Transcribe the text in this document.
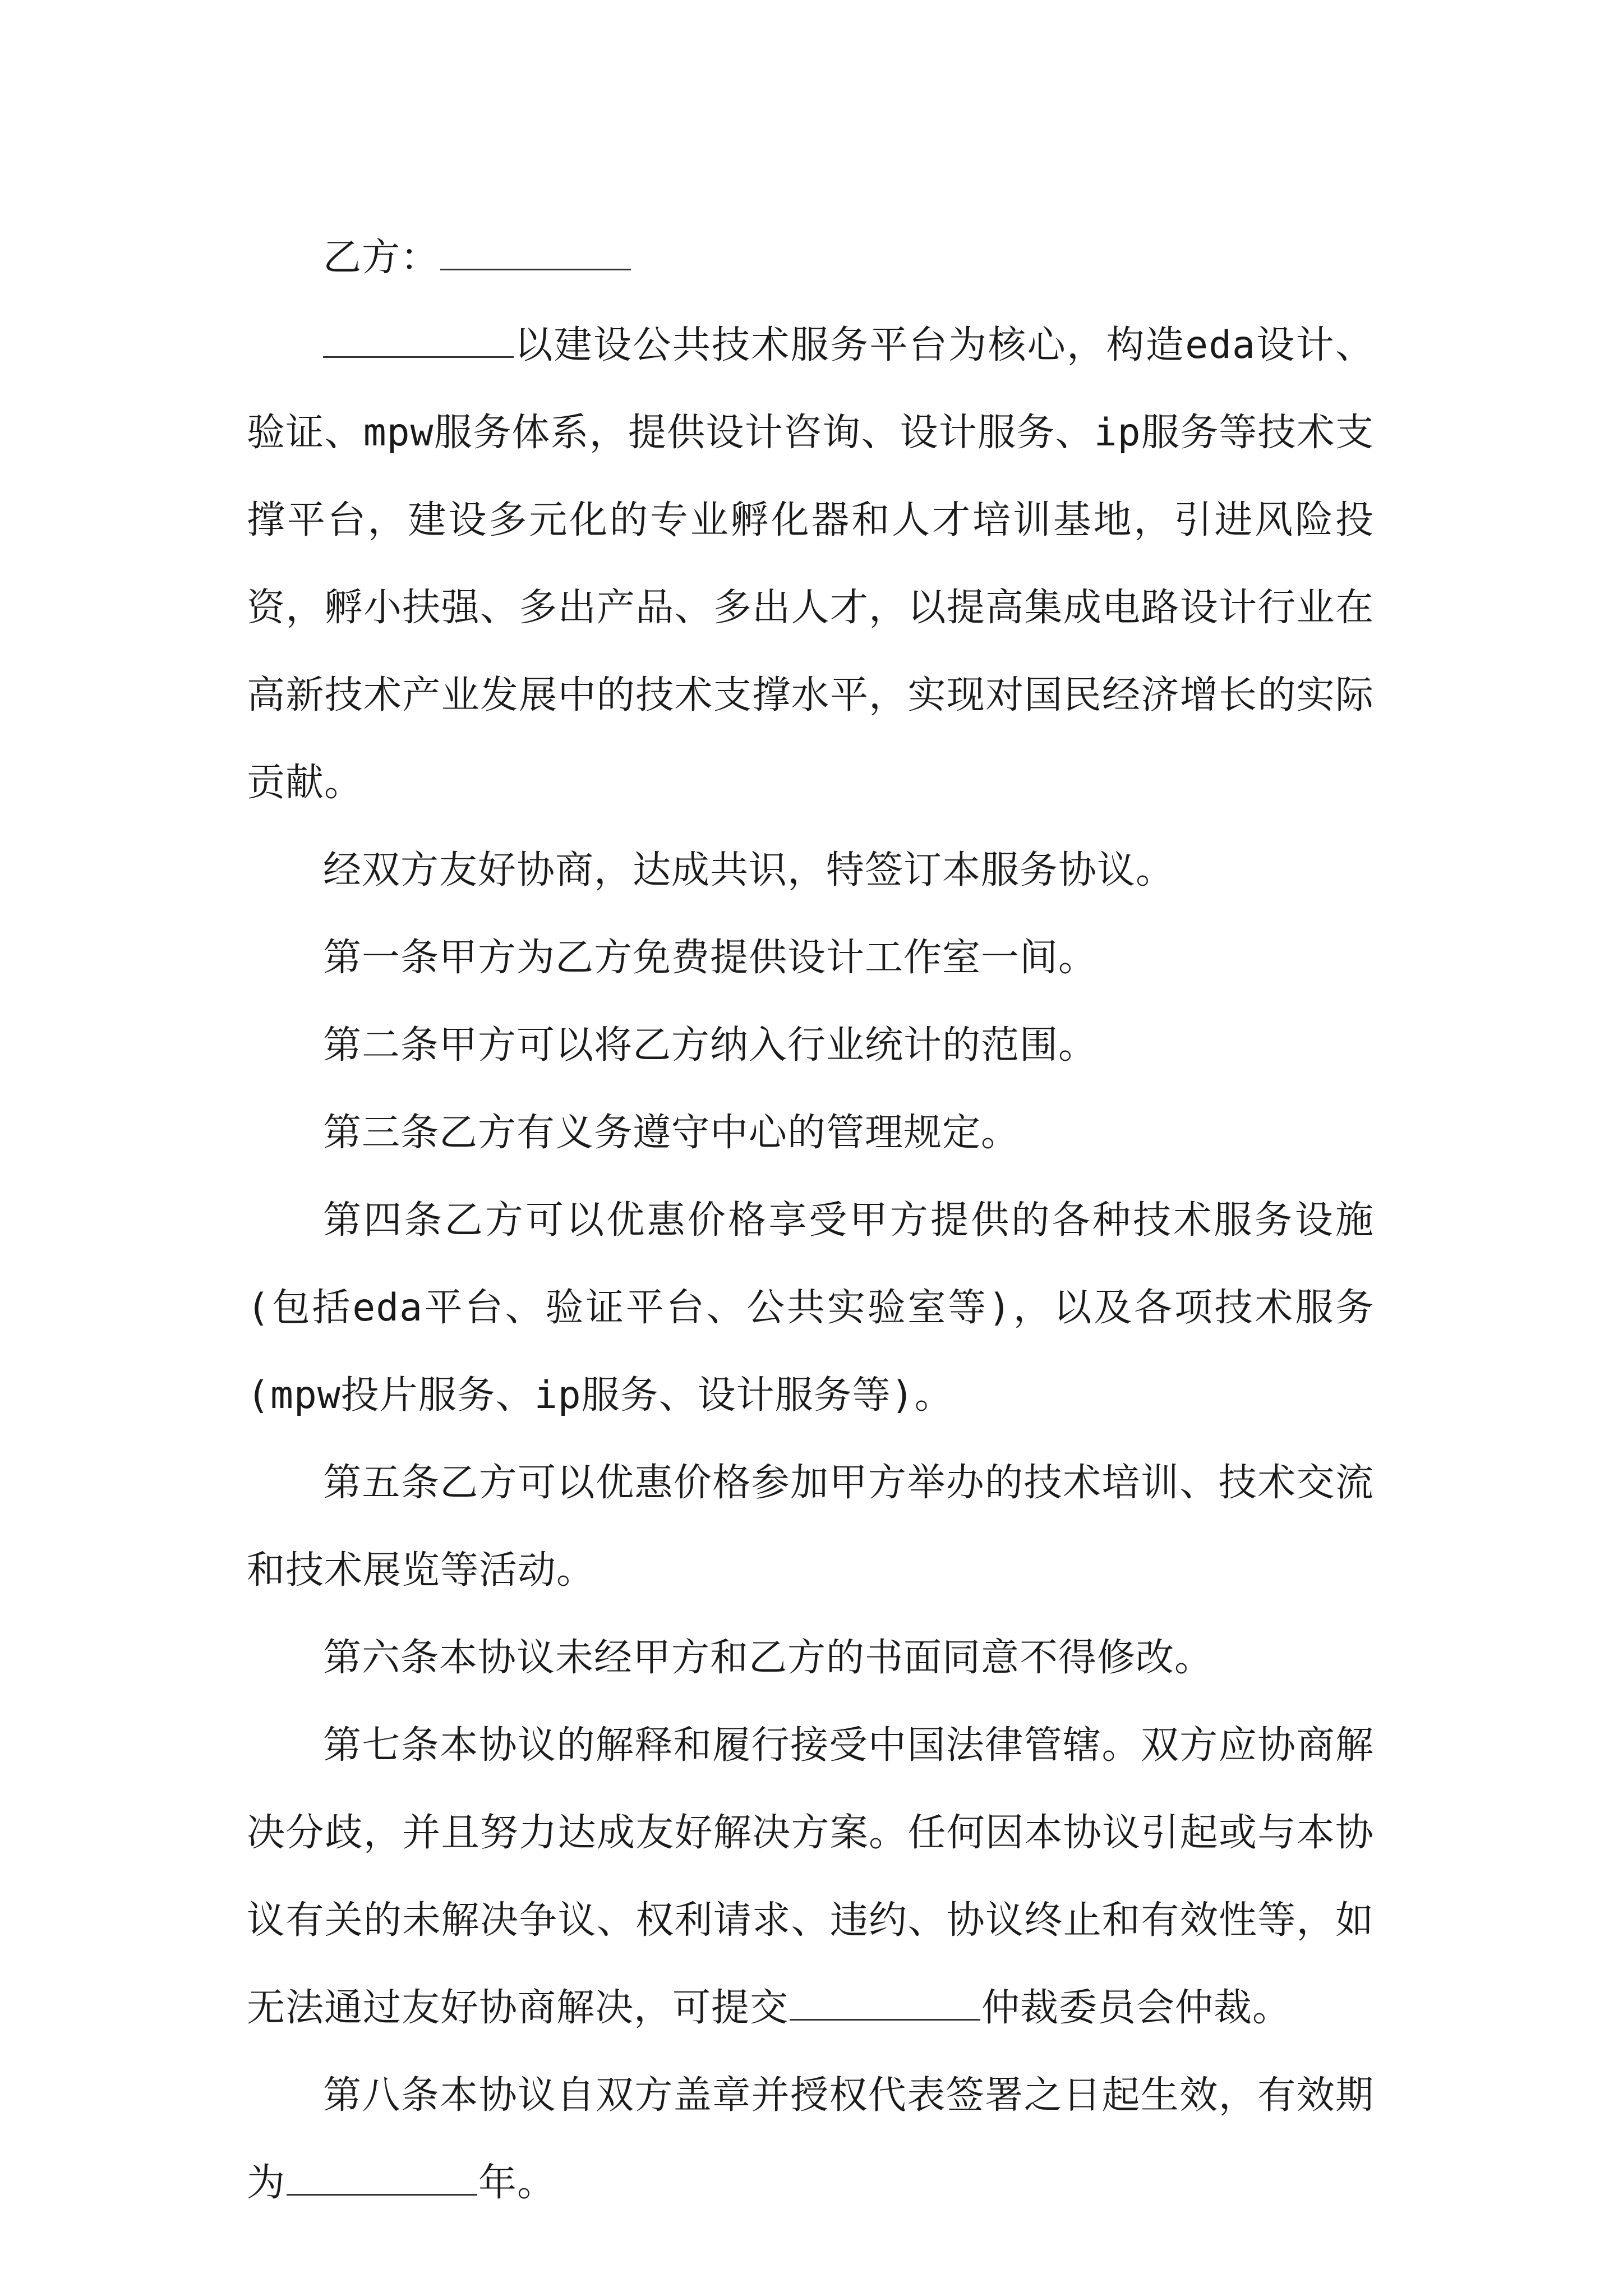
乙方：

以建设公共技术服务平台为核心，构造eda设计、验证、mpw服务体系，提供设计咨询、设计服务、ip服务等技术支撑平台，建设多元化的专业孵化器和人才培训基地，引进风险投资，孵小扶强、多出产品、多出人才，以提高集成电路设计行业在高新技术产业发展中的技术支撑水平，实现对国民经济增长的实际贡献。

经双方友好协商，达成共识，特签订本服务协议。

第一条甲方为乙方免费提供设计工作室一间。

第二条甲方可以将乙方纳入行业统计的范围。

第三条乙方有义务遵守中心的管理规定。

第四条乙方可以优惠价格享受甲方提供的各种技术服务设施(包括eda平台、验证平台、公共实验室等)，以及各项技术服务(mpw投片服务、ip服务、设计服务等)。

第五条乙方可以优惠价格参加甲方举办的技术培训、技术交流和技术展览等活动。

第六条本协议未经甲方和乙方的书面同意不得修改。

第七条本协议的解释和履行接受中国法律管辖。双方应协商解决分歧，并且努力达成友好解决方案。任何因本协议引起或与本协议有关的未解决争议、权利请求、违约、协议终止和有效性等，如无法通过友好协商解决，可提交	仲裁委员会仲裁。

第八条本协议自双方盖章并授权代表签署之日起生效，有效期为	年。
